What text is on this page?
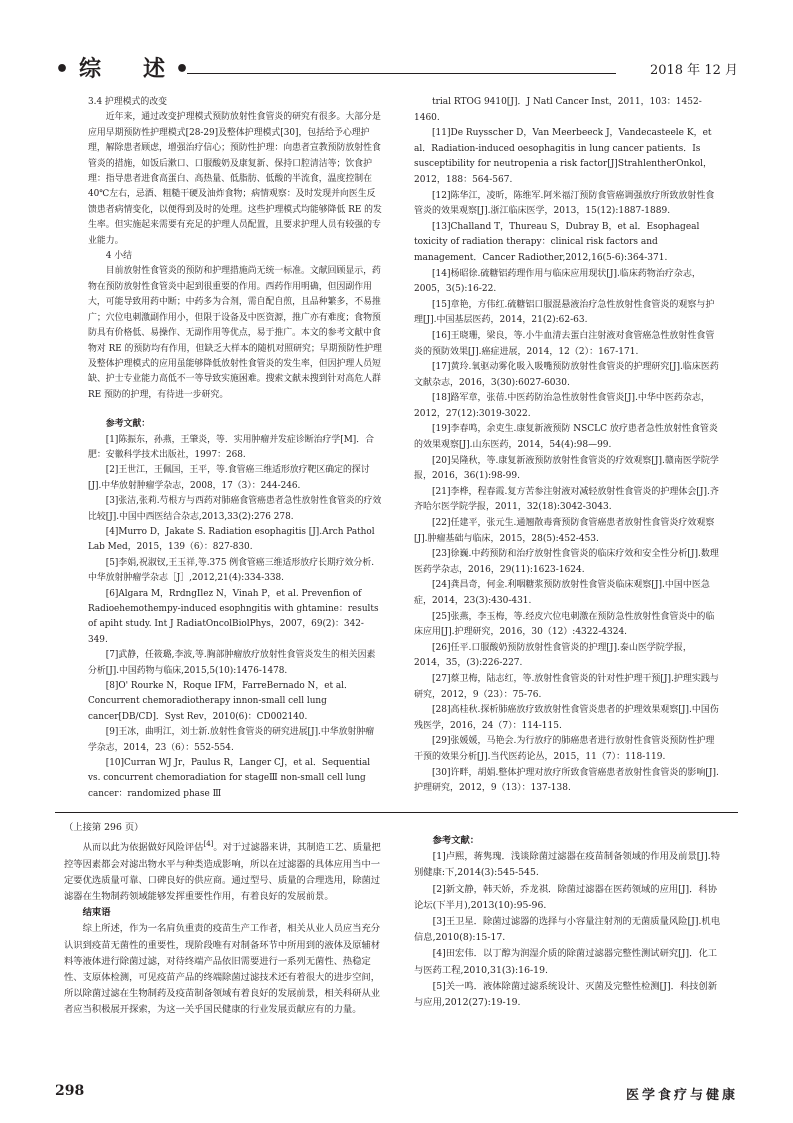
•综　述•	2018 年 12 月

3.4 护理模式的改变

近年来，通过改变护理模式预防放射性食管炎的研究有很多。大部分是应用早期预防性护理模式[28-29]及整体护理模式[30]，包括给予心理护理，解除患者顾虑，增强治疗信心；预防性护理：向患者宣教预防放射性食管炎的措施，如饭后漱口、口服酸奶及康复新、保持口腔清洁等；饮食护理：指导患者进食高蛋白、高热量、低脂肪、低酸的半流食，温度控制在 40℃左右，忌酒、粗糙干硬及油炸食物；病情观察：及时发现并向医生反馈患者病情变化，以便得到及时的处理。这些护理模式均能够降低 RE 的发生率。但实施起来需要有充足的护理人员配置，且要求护理人员有较强的专业能力。

4 小结

目前放射性食管炎的预防和护理措施尚无统一标准。文献回顾显示，药物在预防放射性食管炎中起到很重要的作用。西药作用明确，但因副作用大，可能导致用药中断；中药多为合剂，需自配自煎，且品种繁多，不易推广；穴位电刺激副作用小，但限于设备及中医资源，推广亦有难度；食物预防具有价格低、易操作、无副作用等优点，易于推广。本文的参考文献中食物对 RE 的预防均有作用，但缺乏大样本的随机对照研究；早期预防性护理及整体护理模式的应用虽能够降低放射性食管炎的发生率，但因护理人员短缺、护士专业能力高低不一等导致实施困难。搜索文献未搜到针对高危人群 RE 预防的护理，有待进一步研究。

参考文献：

[1]陈振东，孙燕，王肇炎，等．实用肿瘤并发症诊断治疗学[M]．合肥：安徽科学技术出版社，1997：268.
[2]王世江，王佩国，王平，等.食管癌三维适形放疗靶区确定的探讨[J].中华放射肿瘤学杂志，2008，17（3）：244-246.
[3]张洁,张莉.芍根方与西药对肺癌食管癌患者急性放射性食管炎的疗效比较[J].中国中西医结合杂志,2013,33(2):276 278.
[4]Murro D，Jakate S. Radiation esophagitis [J].Arch Pathol Lab Med，2015，139（6）：827-830.
[5]李娟,祝淑钗,王玉祥,等.375 例食管癌三维适形放疗长期疗效分析.中华放射肿瘤学杂志［J］,2012,21(4):334-338.
[6]Algara M，RrdngIlez N，Vinah P，et al. Prevenfion of Radioehemothempy-induced esophngitis with ghtamine：results of apiht study. Int J RadiatOncolBiolPhys，2007，69(2)：342-349.
[7]武静，任筱璐,李波,等.胸部肿瘤放疗放射性食管炎发生的相关因素分析[J].中国药物与临床,2015,5(10):1476-1478.
[8]O' Rourke N，Roque IFM，FarreBernado N，et al．Concurrent chemoradiotherapy innon-small cell lung cancer[DB/CD]．Syst Rev，2010(6)：CD002140.
[9]王冰，曲明江，刘士新.放射性食管炎的研究进展[J].中华放射肿瘤学杂志，2014，23（6）：552-554.
[10]Curran WJ Jr，Paulus R，Langer CJ，et al．Sequential vs. concurrent chemoradiation for stageⅢ non-small cell lung cancer：randomized phase Ⅲ
trial RTOG 9410[J]．J Natl Cancer Inst，2011，103：1452-1460.
[11]De Ruysscher D，Van Meerbeeck J，Vandecasteele K，et al．Radiation-induced oesophagitis in lung cancer patients．Is susceptibility for neutropenia a risk factor[J]StrahlentherOnkol，2012，188：564-567.
[12]陈华江，凌昕，陈维军.阿米福汀预防食管癌调强放疗所致放射性食管炎的效果观察[J].浙江临床医学，2013，15(12):1887-1889.
[13]Challand T，Thureau S，Dubray B，et al．Esophageal toxicity of radiation therapy：clinical risk factors and management．Cancer Radiother,2012,16(5-6):364-371.
[14]杨昭徐.硫糖铝药理作用与临床应用现状[J].临床药物治疗杂志，2005，3(5):16-22.
[15]章艳，方伟红.硫糖铝口服混悬液治疗急性放射性食管炎的观察与护理[J].中国基层医药，2014，21(2):62-63.
[16]王晓珊，梁良，等.小牛血清去蛋白注射液对食管癌急性放射性食管炎的预防效果[J].癌症进展，2014，12（2）：167-171.
[17]黄玲.氧驱动雾化吸入吸嘴预防放射性食管炎的护理研究[J].临床医药文献杂志，2016，3(30):6027-6030.
[18]路军章，张蓓.中医药防治急性放射性食管炎[J].中华中医药杂志，2012，27(12):3019-3022.
[19]李春鸣，余吏生.康复新液预防 NSCLC 放疗患者急性放射性食管炎的效果观察[J].山东医药，2014，54(4):98—99.
[20]吴隆秋，等.康复新液预防放射性食管炎的疗效观察[J].赣南医学院学报，2016，36(1):98-99.
[21]李桦，程春霞.复方苦参注射液对减轻放射性食管炎的护理体会[J].齐齐哈尔医学院学报，2011，32(18):3042-3043.
[22]任建平，张元生.通翘散毒膏预防食管癌患者放射性食管炎疗效观察[J].肿瘤基础与临床，2015，28(5):452-453.
[23]徐巍.中药预防和治疗放射性食管炎的临床疗效和安全性分析[J].数理医药学杂志，2016，29(11):1623-1624.
[24]龚昌奇，何金.利咽糖浆预防放射性食管炎临床观察[J].中国中医急症，2014，23(3):430-431.
[25]张燕，李玉梅，等.经皮穴位电刺激在预防急性放射性食管炎中的临床应用[J].护理研究，2016，30（12）:4322-4324.
[26]任平.口服酸奶预防放射性食管炎的护理[J].泰山医学院学报，2014，35，(3):226-227.
[27]蔡卫梅，陆志红，等.放射性食管炎的针对性护理干预[J].护理实践与研究，2012，9（23）：75-76.
[28]高桂秋.探析肺癌放疗致放射性食管炎患者的护理效果观察[J].中国伤残医学，2016，24（7）：114-115.
[29]张媛媛，马艳会.为行放疗的肺癌患者进行放射性食管炎预防性护理干预的效果分析[J].当代医药论丛，2015，11（7）：118-119.
[30]许畔，胡娟.整体护理对放疗所致食管癌患者放射性食管炎的影响[J].护理研究，2012，9（13）：137-138.

（上接第 296 页）

从而以此为依据做好风险评估[4]。对于过滤器来讲，其制造工艺、质量把控等因素都会对滤出物水平与种类造成影响，所以在过滤器的具体应用当中一定要优选质量可靠、口碑良好的供应商。通过型号、质量的合理选用，除菌过滤器在生物制药领域能够发挥重要性作用，有着良好的发展前景。

结束语

综上所述，作为一名肩负重责的疫苗生产工作者，相关从业人员应当充分认识到疫苗无菌性的重要性，现阶段唯有对制备环节中所用到的液体及原辅材料等液体进行除菌过滤，对待终端产品依旧需要进行一系列无菌性、热稳定性、支原体检测，可见疫苗产品的终端除菌过滤技术还有着很大的进步空间，所以除菌过滤在生物制药及疫苗制备领域有着良好的发展前景，相关科研从业者应当积极展开探索，为这一关乎国民健康的行业发展贡献应有的力量。

参考文献：

[1]卢熙，蒋隽瑰．浅谈除菌过滤器在疫苗制备领域的作用及前景[J].特别健康:下,2014(3):545-545.
[2]新文静，韩天娇，乔龙祺．除菌过滤器在医药领域的应用[J]．科协论坛(下半月),2013(10):95-96.
[3]王卫星．除菌过滤器的选择与小容量注射剂的无菌质量风险[J].机电信息,2010(8):15-17.
[4]田宏伟．以丁醇为润湿介质的除菌过滤器完整性测试研究[J]．化工与医药工程,2010,31(3):16-19.
[5]关一鸣．液体除菌过滤系统设计、灭菌及完整性检测[J]．科技创新与应用,2012(27):19-19.
298	医学食疗与健康
